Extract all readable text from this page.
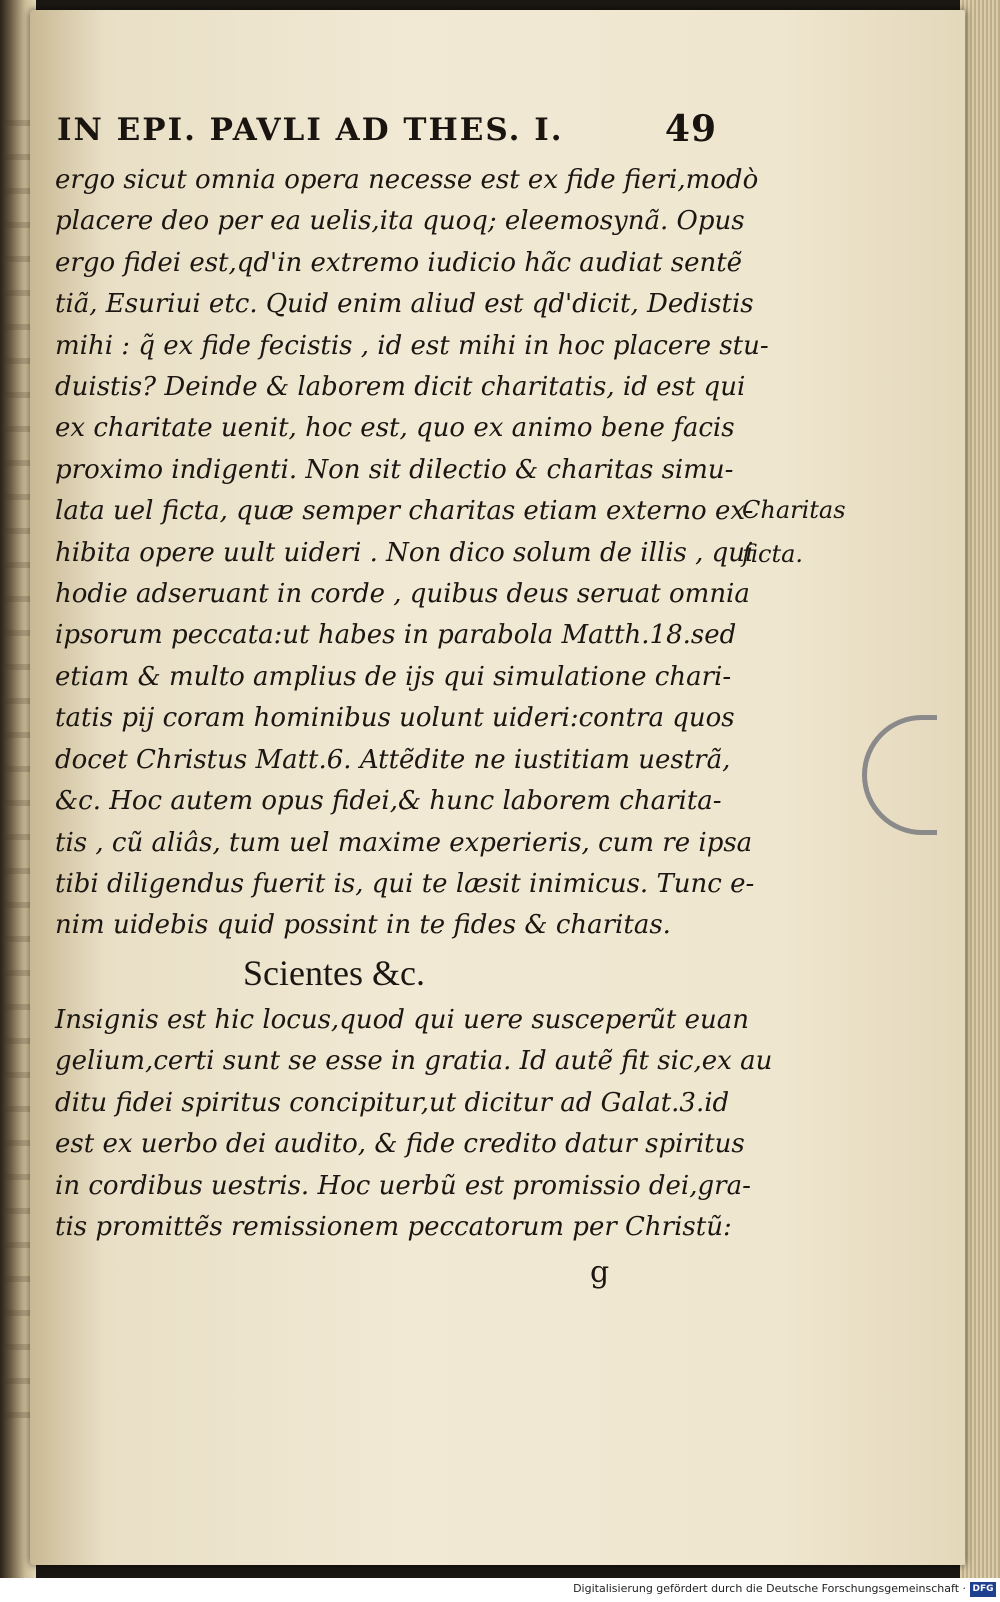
IN EPI. PAVLI AD THES. I.	49
ergo sicut omnia opera necesse est ex fide fieri,modò
placere deo per ea uelis,ita quoq; eleemosynã. Opus
ergo fidei est,qd'in extremo iudicio hãc audiat sentẽ
tiã, Esuriui etc. Quid enim aliud est qd'dicit, Dedistis
mihi : q̃ ex fide fecistis , id est mihi in hoc placere stu-
duistis? Deinde & laborem dicit charitatis, id est qui
ex charitate uenit, hoc est, quo ex animo bene facis
proximo indigenti. Non sit dilectio & charitas simu-
lata uel ficta, quæ semper charitas etiam externo ex-
hibita opere uult uideri . Non dico solum de illis , qui
hodie adseruant in corde , quibus deus seruat omnia
ipsorum peccata:ut habes in parabola Matth.18.sed
etiam & multo amplius de ijs qui simulatione chari-
tatis pij coram hominibus uolunt uideri:contra quos
docet Christus Matt.6. Attẽdite ne iustitiam uestrã,
&c. Hoc autem opus fidei,& hunc laborem charita-
tis , cũ aliâs, tum uel maxime experieris, cum re ipsa
tibi diligendus fuerit is, qui te læsit inimicus. Tunc e-
nim uidebis quid possint in te fides & charitas.
Charitas
ficta.
Scientes &c.
Insignis est hic locus,quod qui uere susceperũt euan
gelium,certi sunt se esse in gratia. Id autẽ fit sic,ex au
ditu fidei spiritus concipitur,ut dicitur ad Galat.3.id
est ex uerbo dei audito, & fide credito datur spiritus
in cordibus uestris. Hoc uerbũ est promissio dei,gra-
tis promittẽs remissionem peccatorum per Christũ:
g
Digitalisierung gefördert durch die Deutsche Forschungsgemeinschaft · DFG
